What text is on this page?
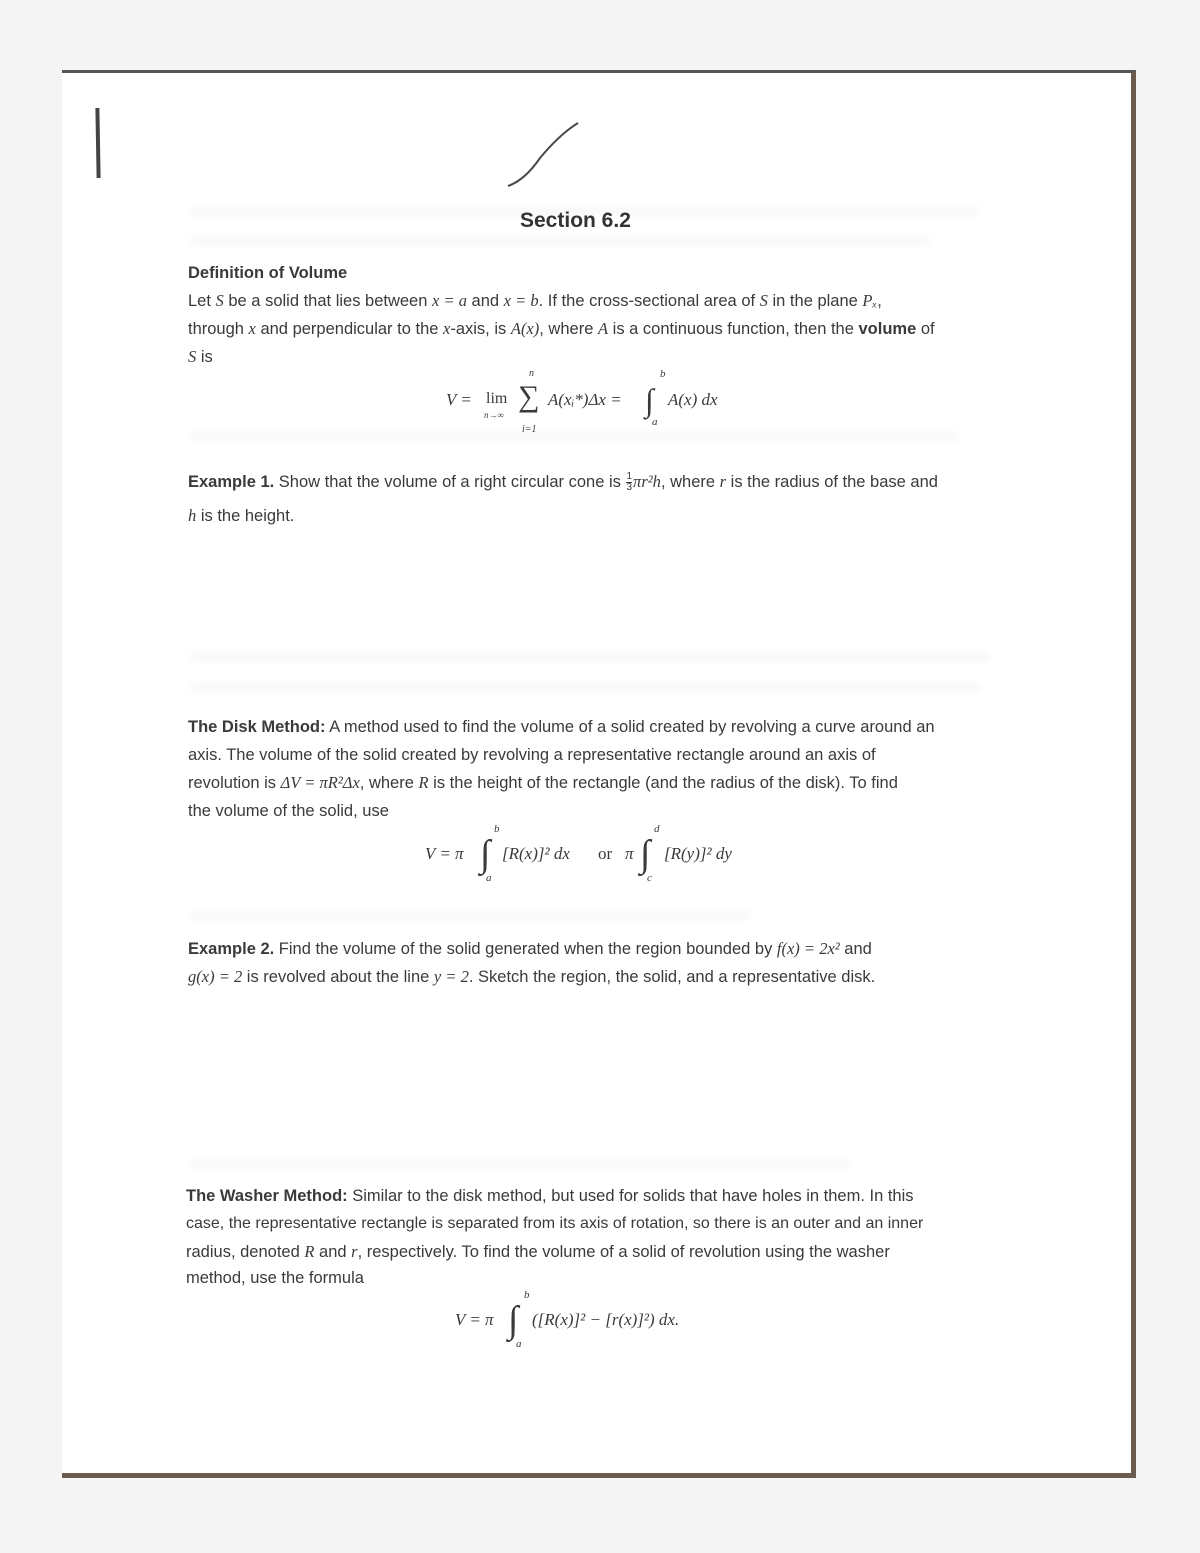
Section 6.2
Definition of Volume
Let S be a solid that lies between x = a and x = b. If the cross-sectional area of S in the plane Pₓ,
through x and perpendicular to the x-axis, is A(x), where A is a continuous function, then the volume of
S is
V = lim
n→∞
n
∑
i=1
A(xᵢ*)Δx = ∫
b
a
A(x) dx
Example 1. Show that the volume of a right circular cone is $\frac{1}{3} \pi r^2h$, where r is the radius of the base and
h is the height.
The Disk Method: A method used to find the volume of a solid created by revolving a curve around an
axis. The volume of the solid created by revolving a representative rectangle around an axis of
revolution is ΔV = πR²Δx, where R is the height of the rectangle (and the radius of the disk). To find
the volume of the solid, use
V = π ∫
b
a
[R(x)]² dx or π ∫
d
c
[R(y)]² dy
Example 2. Find the volume of the solid generated when the region bounded by f(x) = 2x² and
g(x) = 2 is revolved about the line y = 2. Sketch the region, the solid, and a representative disk.
The Washer Method: Similar to the disk method, but used for solids that have holes in them. In this
case, the representative rectangle is separated from its axis of rotation, so there is an outer and an inner
radius, denoted R and r, respectively. To find the volume of a solid of revolution using the washer
method, use the formula
V = π ∫
b
a
([R(x)]² − [r(x)]²) dx.
